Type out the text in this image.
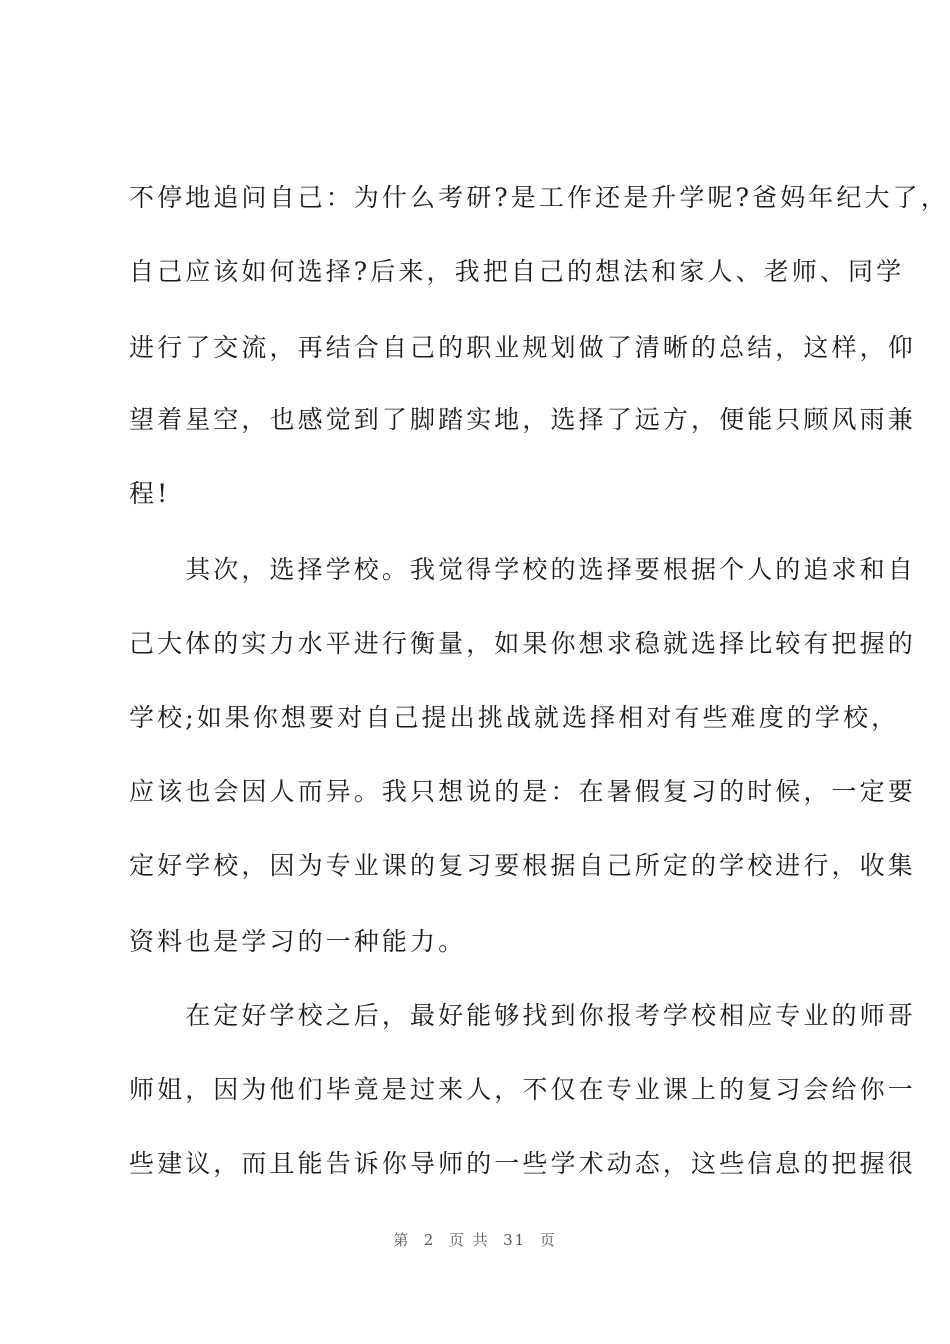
不停地追问自己：为什么考研?是工作还是升学呢?爸妈年纪大了，
自己应该如何选择?后来，我把自己的想法和家人、老师、同学
进行了交流，再结合自己的职业规划做了清晰的总结，这样，仰
望着星空，也感觉到了脚踏实地，选择了远方，便能只顾风雨兼
程!
　　其次，选择学校。我觉得学校的选择要根据个人的追求和自
己大体的实力水平进行衡量，如果你想求稳就选择比较有把握的
学校;如果你想要对自己提出挑战就选择相对有些难度的学校，
应该也会因人而异。我只想说的是：在暑假复习的时候，一定要
定好学校，因为专业课的复习要根据自己所定的学校进行，收集
资料也是学习的一种能力。
　　在定好学校之后，最好能够找到你报考学校相应专业的师哥
师姐，因为他们毕竟是过来人，不仅在专业课上的复习会给你一
些建议，而且能告诉你导师的一些学术动态，这些信息的把握很
第  2  页 共  31  页
